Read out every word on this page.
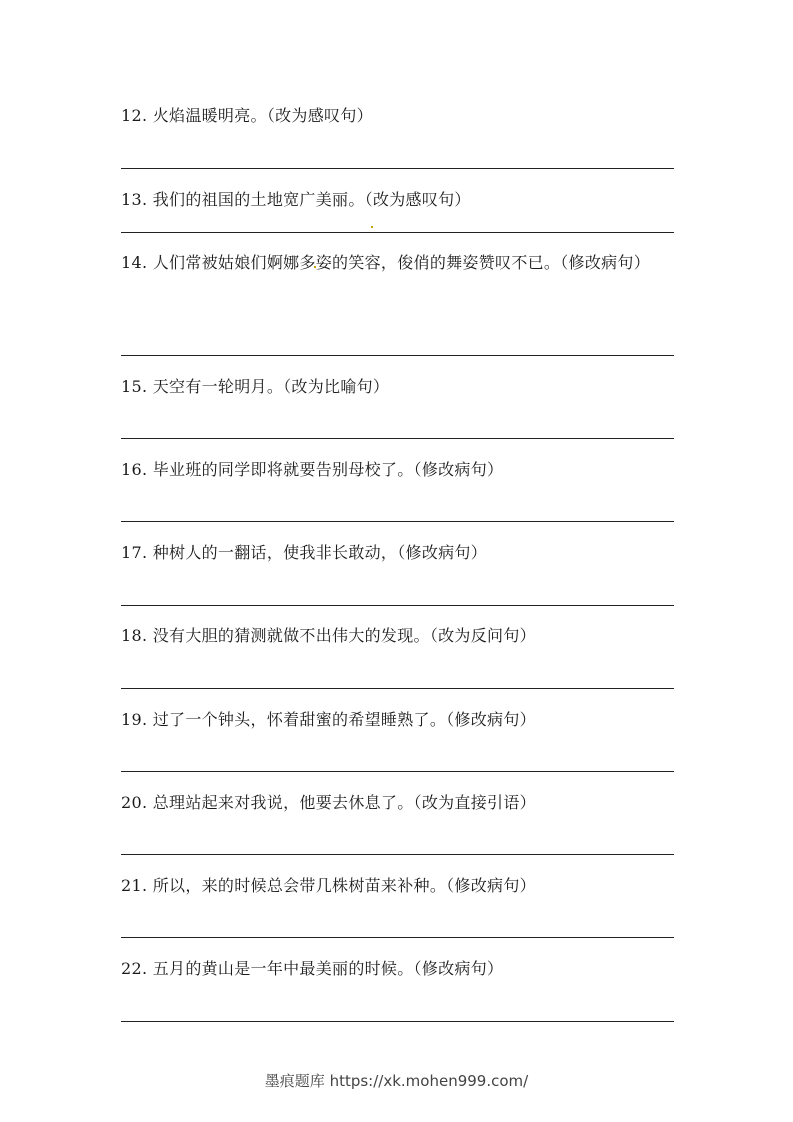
12. 火焰温暖明亮。（改为感叹句）

13. 我们的祖国的土地宽广美丽。（改为感叹句）

14. 人们常被姑娘们婀娜多姿的笑容，俊俏的舞姿赞叹不已。（修改病句）

15. 天空有一轮明月。（改为比喻句）

16. 毕业班的同学即将就要告别母校了。（修改病句）

17. 种树人的一翻话，使我非长敢动，（修改病句）

18. 没有大胆的猜测就做不出伟大的发现。（改为反问句）

19. 过了一个钟头，怀着甜蜜的希望睡熟了。（修改病句）

20. 总理站起来对我说，他要去休息了。（改为直接引语）

21. 所以，来的时候总会带几株树苗来补种。（修改病句）

22. 五月的黄山是一年中最美丽的时候。（修改病句）

墨痕题库 https://xk.mohen999.com/
